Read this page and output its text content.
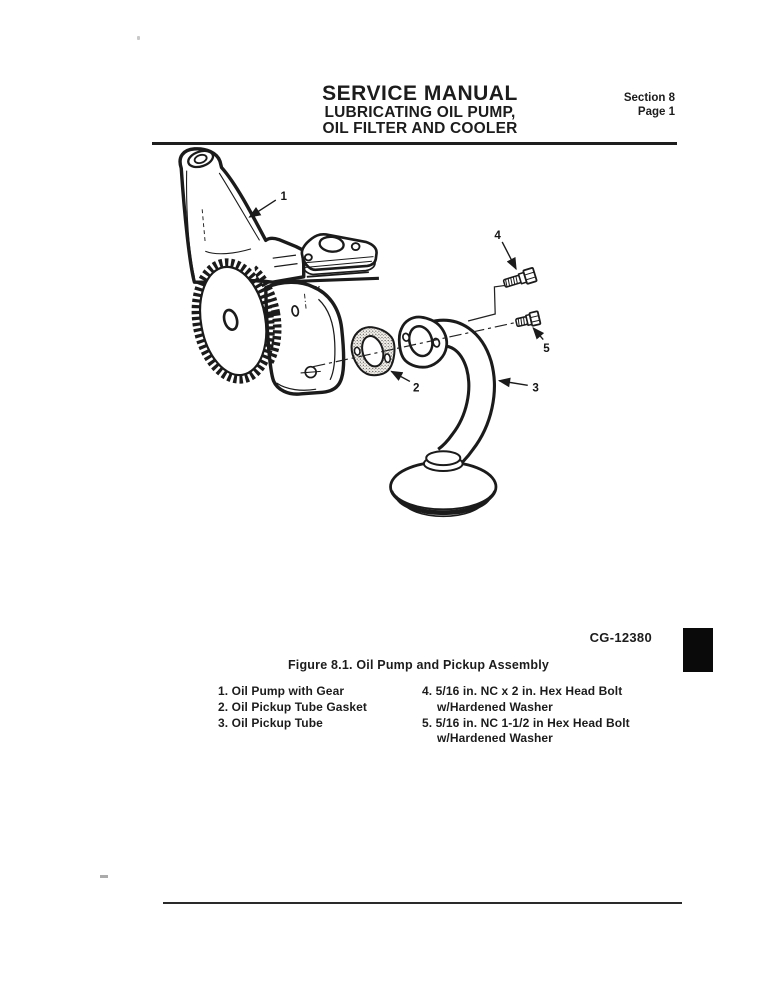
SERVICE MANUAL
LUBRICATING OIL PUMP,
OIL FILTER AND COOLER
Section 8
Page 1
1
2	3
4
5
CG-12380
Figure 8.1. Oil Pump and Pickup Assembly
1. Oil Pump with Gear
2. Oil Pickup Tube Gasket
3. Oil Pickup Tube
4. 5/16 in. NC x 2 in. Hex Head Bolt
w/Hardened Washer
5. 5/16 in. NC 1-1/2 in Hex Head Bolt
w/Hardened Washer
